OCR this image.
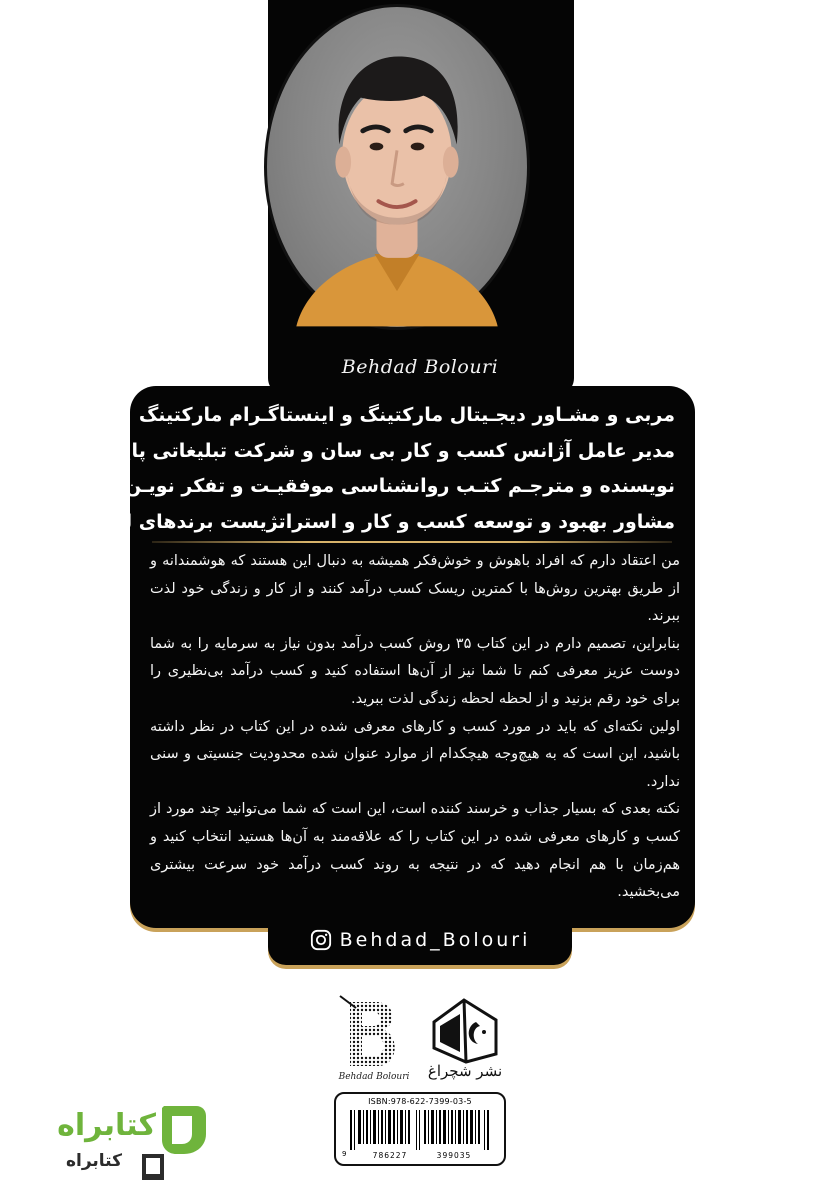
Behdad Bolouri
مربی و مشـاور دیجـیتال مارکتینگ و اینستاگـرام مارکتینگ
مدیر عامل آژانس کسب و کار بی سان و شرکت تبلیغاتی پایون
نویسنده و مترجـم کتـب روانشناسی موفقیـت و تفکر نویـن
مشاور بهبود و توسعه کسب و کار و استراتژیست برندهای لوکس

من اعتقاد دارم که افراد باهوش و خوش‌فکر همیشه به دنبال این هستند که هوشمندانه و از طریق بهترین روش‌ها با کمترین ریسک کسب درآمد کنند و از کار و زندگی خود لذت ببرند.

بنابراین، تصمیم دارم در این کتاب ۳۵ روش کسب درآمد بدون نیاز به سرمایه را به شما دوست عزیز معرفی کنم تا شما نیز از آن‌ها استفاده کنید و کسب درآمد بی‌نظیری را برای خود رقم بزنید و از لحظه لحظه زندگی لذت ببرید.

اولین نکته‌ای که باید در مورد کسب و کارهای معرفی شده در این کتاب در نظر داشته باشید، این است که به هیچ‌وجه هیچکدام از موارد عنوان شده محدودیت جنسیتی و سنی ندارد.

نکته بعدی که بسیار جذاب و خرسند کننده است، این است که شما می‌توانید چند مورد از کسب و کارهای معرفی شده در این کتاب را که علاقه‌مند به آن‌ها هستید انتخاب کنید و هم‌زمان با هم انجام دهید که در نتیجه به روند کسب درآمد خود سرعت بیشتری می‌بخشید.

Behdad_Bolouri
Behdad Bolouri	نشر شچراغ
ISBN:978-622-7399-03-5
9	786227	399035
کتابراه
کتابراه
